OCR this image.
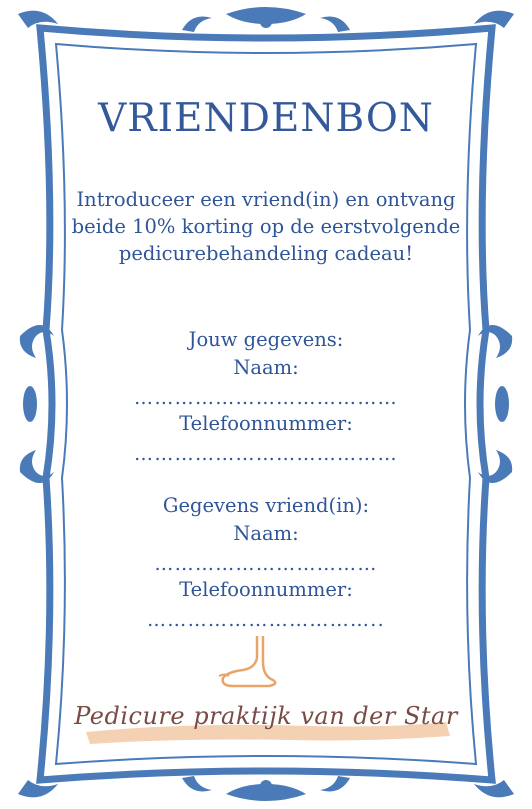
VRIENDENBON
Introduceer een vriend(in) en ontvang beide 10% korting op de eerstvolgende pedicurebehandeling cadeau!
Jouw gegevens:
Naam:
…………………………………
Telefoonnummer:
…………………………………
Gegevens vriend(in):
Naam:
……………………………
Telefoonnummer:
……………………………..
Pedicure praktijk van der Star
